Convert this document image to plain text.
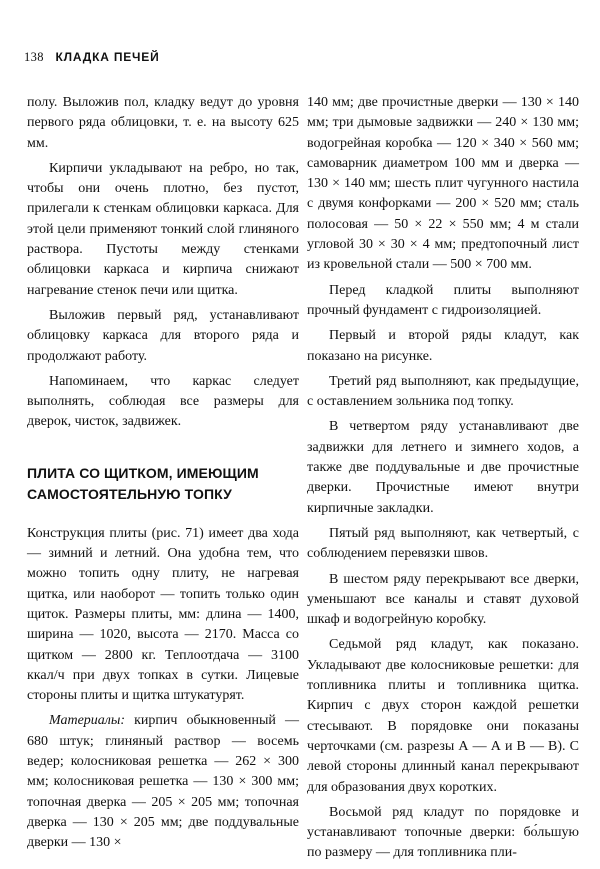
138 КЛАДКА ПЕЧЕЙ

полу. Выложив пол, кладку ведут до уровня первого ряда облицовки, т. е. на высоту 625 мм.

Кирпичи укладывают на ребро, но так, чтобы они очень плотно, без пустот, прилегали к стенкам облицовки каркаса. Для этой цели применяют тонкий слой глиняного раствора. Пустоты между стенками облицовки каркаса и кирпича снижают нагревание стенок печи или щитка.

Выложив первый ряд, устанавливают облицовку каркаса для второго ряда и продолжают работу.

Напоминаем, что каркас следует выполнять, соблюдая все размеры для дверок, чисток, задвижек.

ПЛИТА СО ЩИТКОМ, ИМЕЮЩИМ
САМОСТОЯТЕЛЬНУЮ ТОПКУ

Конструкция плиты (рис. 71) имеет два хода — зимний и летний. Она удобна тем, что можно топить одну плиту, не нагревая щитка, или наоборот — топить только один щиток. Размеры плиты, мм: длина — 1400, ширина — 1020, высота — 2170. Масса со щитком — 2800 кг. Теплоотдача — 3100 ккал/ч при двух топках в сутки. Лицевые стороны плиты и щитка штукатурят.

Материалы: кирпич обыкновенный — 680 штук; глиняный раствор — восемь ведер; колосниковая решетка — 262 × 300 мм; колосниковая решетка — 130 × 300 мм; топочная дверка — 205 × 205 мм; топочная дверка — 130 × 205 мм; две поддувальные дверки — 130 ×

140 мм; две прочистные дверки — 130 × 140 мм; три дымовые задвижки — 240 × 130 мм; водогрейная коробка — 120 × 340 × 560 мм; самоварник диаметром 100 мм и дверка — 130 × 140 мм; шесть плит чугунного настила с двумя конфорками — 200 × 520 мм; сталь полосовая — 50 × 22 × 550 мм; 4 м стали угловой 30 × 30 × 4 мм; предтопочный лист из кровельной стали — 500 × 700 мм.

Перед кладкой плиты выполняют прочный фундамент с гидроизоляцией.

Первый и второй ряды кладут, как показано на рисунке.

Третий ряд выполняют, как предыдущие, с оставлением зольника под топку.

В четвертом ряду устанавливают две задвижки для летнего и зимнего ходов, а также две поддувальные и две прочистные дверки. Прочистные имеют внутри кирпичные закладки.

Пятый ряд выполняют, как четвертый, с соблюдением перевязки швов.

В шестом ряду перекрывают все дверки, уменьшают все каналы и ставят духовой шкаф и водогрейную коробку.

Седьмой ряд кладут, как показано. Укладывают две колосниковые решетки: для топливника плиты и топливника щитка. Кирпич с двух сторон каждой решетки стесывают. В порядовке они показаны черточками (см. разрезы А — А и В — В). С левой стороны длинный канал перекрывают для образования двух коротких.

Восьмой ряд кладут по порядовке и устанавливают топочные дверки: бо́льшую по размеру — для топливника пли-
